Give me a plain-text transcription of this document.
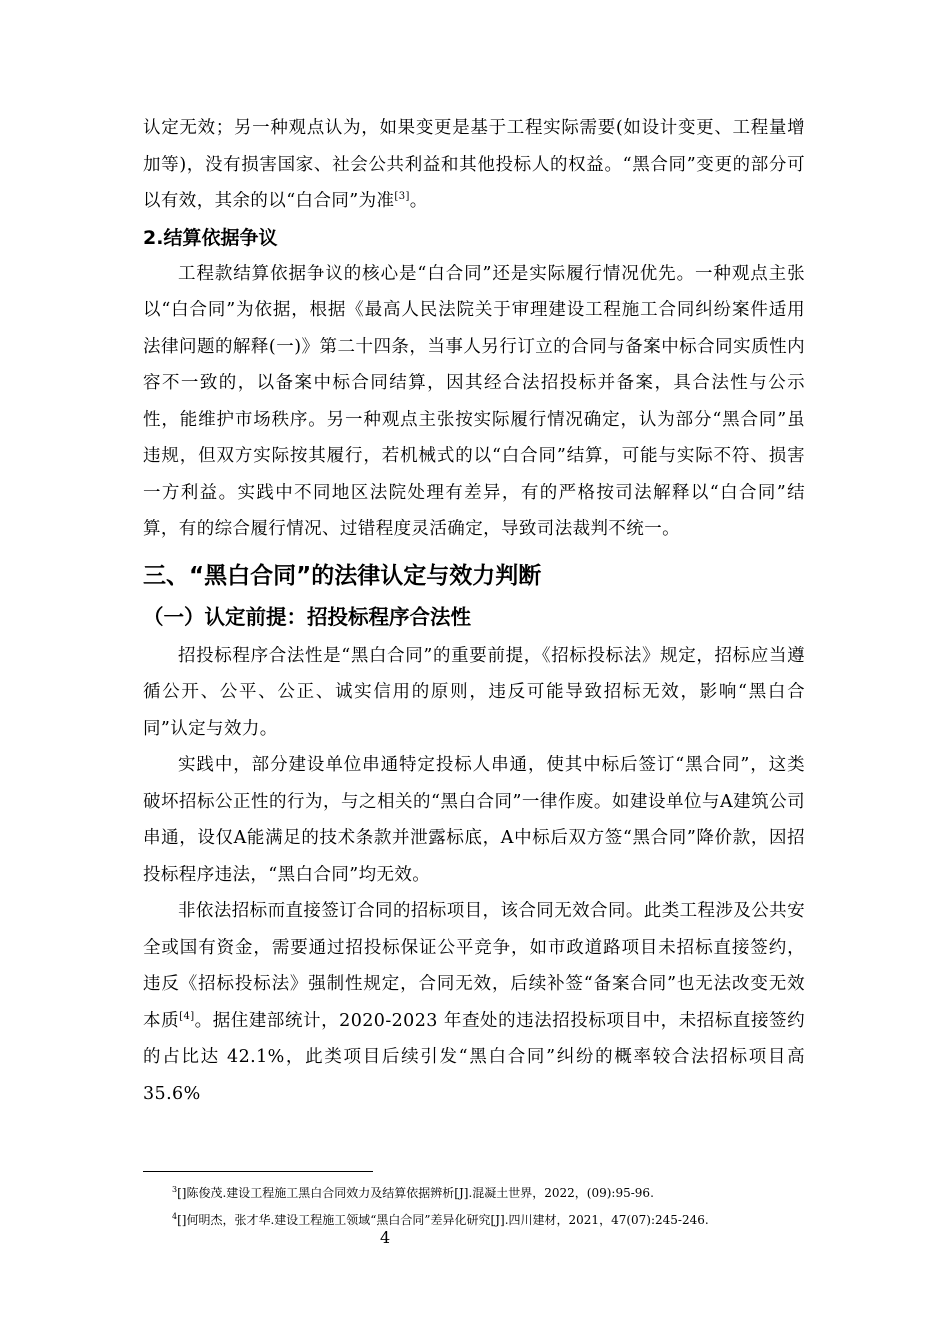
认定无效；另一种观点认为，如果变更是基于工程实际需要(如设计变更、工程量增加等)，没有损害国家、社会公共利益和其他投标人的权益。“黑合同”变更的部分可以有效，其余的以“白合同”为准[3]。

2.结算依据争议

工程款结算依据争议的核心是“白合同”还是实际履行情况优先。一种观点主张以“白合同”为依据，根据《最高人民法院关于审理建设工程施工合同纠纷案件适用法律问题的解释(一)》第二十四条，当事人另行订立的合同与备案中标合同实质性内容不一致的，以备案中标合同结算，因其经合法招投标并备案，具合法性与公示性，能维护市场秩序。另一种观点主张按实际履行情况确定，认为部分“黑合同”虽违规，但双方实际按其履行，若机械式的以“白合同”结算，可能与实际不符、损害一方利益。实践中不同地区法院处理有差异，有的严格按司法解释以“白合同”结算，有的综合履行情况、过错程度灵活确定，导致司法裁判不统一。

三、“黑白合同”的法律认定与效力判断

（一）认定前提：招投标程序合法性

招投标程序合法性是“黑白合同”的重要前提，《招标投标法》规定，招标应当遵循公开、公平、公正、诚实信用的原则，违反可能导致招标无效，影响“黑白合同”认定与效力。

实践中，部分建设单位串通特定投标人串通，使其中标后签订“黑合同”，这类破坏招标公正性的行为，与之相关的“黑白合同”一律作废。如建设单位与A建筑公司串通，设仅A能满足的技术条款并泄露标底，A中标后双方签“黑合同”降价款，因招投标程序违法，“黑白合同”均无效。

非依法招标而直接签订合同的招标项目，该合同无效合同。此类工程涉及公共安全或国有资金，需要通过招投标保证公平竞争，如市政道路项目未招标直接签约，违反《招标投标法》强制性规定，合同无效，后续补签“备案合同”也无法改变无效本质[4]。据住建部统计，2020-2023 年查处的违法招投标项目中，未招标直接签约的占比达 42.1%，此类项目后续引发“黑白合同”纠纷的概率较合法招标项目高 35.6%

$^3$[]陈俊茂.建设工程施工黑白合同效力及结算依据辨析[J].混凝土世界，2022，(09):95-96.

$^4$[]何明杰，张才华.建设工程施工领域“黑白合同”差异化研究[J].四川建材，2021，47(07):245-246.

4
